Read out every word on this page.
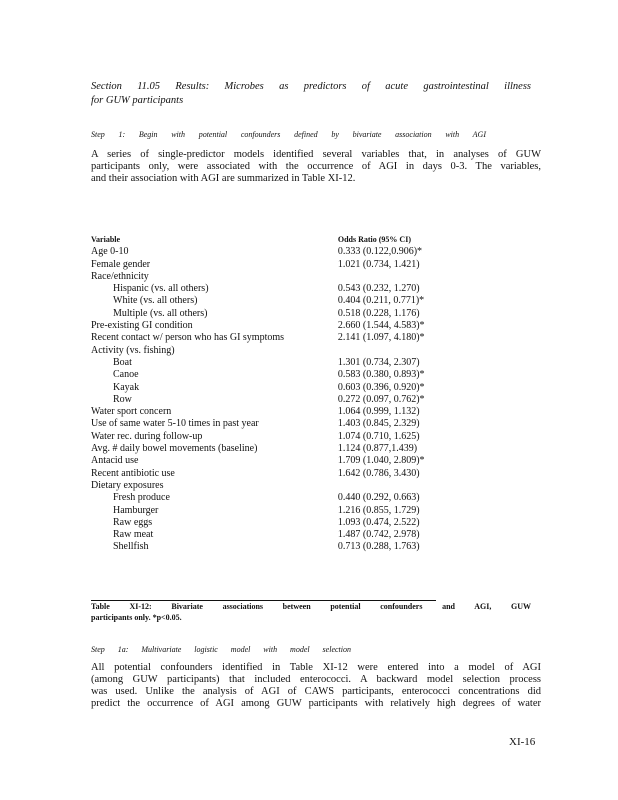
Section 11.05 Results: Microbes as predictors of acute gastrointestinal illness
for GUW participants
Step 1: Begin with potential confounders defined by bivariate association with AGI
A series of single-predictor models identified several variables that, in analyses of GUW
participants only, were associated with the occurrence of AGI in days 0-3. The variables,
and their association with AGI are summarized in Table XI-12.
Variable	Odds Ratio (95% CI)
Age 0-10	0.333 (0.122,0.906)*
Female gender	1.021 (0.734, 1.421)
Race/ethnicity	
Hispanic (vs. all others)	0.543 (0.232, 1.270)
White (vs. all others)	0.404 (0.211, 0.771)*
Multiple (vs. all others)	0.518 (0.228, 1.176)
Pre-existing GI condition	2.660 (1.544, 4.583)*
Recent contact w/ person who has GI symptoms	2.141 (1.097, 4.180)*
Activity (vs. fishing)	
Boat	1.301 (0.734, 2.307)
Canoe	0.583 (0.380, 0.893)*
Kayak	0.603 (0.396, 0.920)*
Row	0.272 (0.097, 0.762)*
Water sport concern	1.064 (0.999, 1.132)
Use of same water 5-10 times in past year	1.403 (0.845, 2.329)
Water rec. during follow-up	1.074 (0.710, 1.625)
Avg. # daily bowel movements (baseline)	1.124 (0.877,1.439)
Antacid use	1.709 (1.040, 2.809)*
Recent antibiotic use	1.642 (0.786, 3.430)
Dietary exposures	
Fresh produce	0.440 (0.292, 0.663)
Hamburger	1.216 (0.855, 1.729)
Raw eggs	1.093 (0.474, 2.522)
Raw meat	1.487 (0.742, 2.978)
Shellfish	0.713 (0.288, 1.763)
Table XI-12: Bivariate associations between potential confounders and AGI, GUW
participants only. *p<0.05.
Step 1a: Multivariate logistic model with model selection
All potential confounders identified in Table XI-12 were entered into a model of AGI
(among GUW participants) that included enterococci. A backward model selection process
was used. Unlike the analysis of AGI of CAWS participants, enterococci concentrations did
predict the occurrence of AGI among GUW participants with relatively high degrees of water
XI-16
